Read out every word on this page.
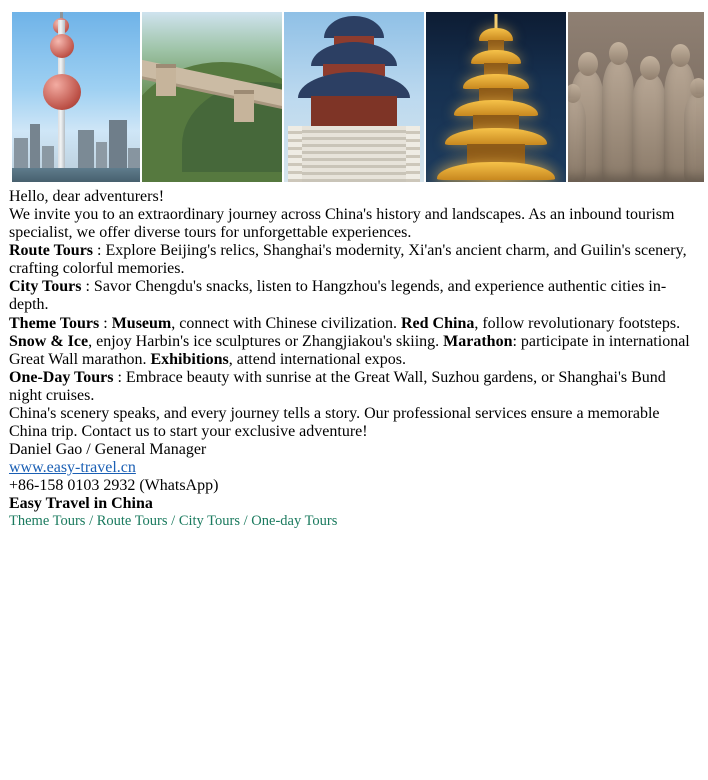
Hello, dear adventurers!

We invite you to an extraordinary journey across China's history and landscapes. As an inbound tourism specialist, we offer diverse tours for unforgettable experiences.

Route Tours : Explore Beijing's relics, Shanghai's modernity, Xi'an's ancient charm, and Guilin's scenery, crafting colorful memories.

City Tours : Savor Chengdu's snacks, listen to Hangzhou's legends, and experience authentic cities in-depth.

Theme Tours : Museum, connect with Chinese civilization. Red China, follow revolutionary footsteps. Snow & Ice, enjoy Harbin's ice sculptures or Zhangjiakou's skiing. Marathon: participate in international Great Wall marathon. Exhibitions, attend international expos.

One-Day Tours : Embrace beauty with sunrise at the Great Wall, Suzhou gardens, or Shanghai's Bund night cruises.

China's scenery speaks, and every journey tells a story. Our professional services ensure a memorable China trip. Contact us to start your exclusive adventure!

Daniel Gao / General Manager

www.easy-travel.cn

+86-158 0103 2932 (WhatsApp)

Easy Travel in China

Theme Tours / Route Tours / City Tours / One-day Tours
